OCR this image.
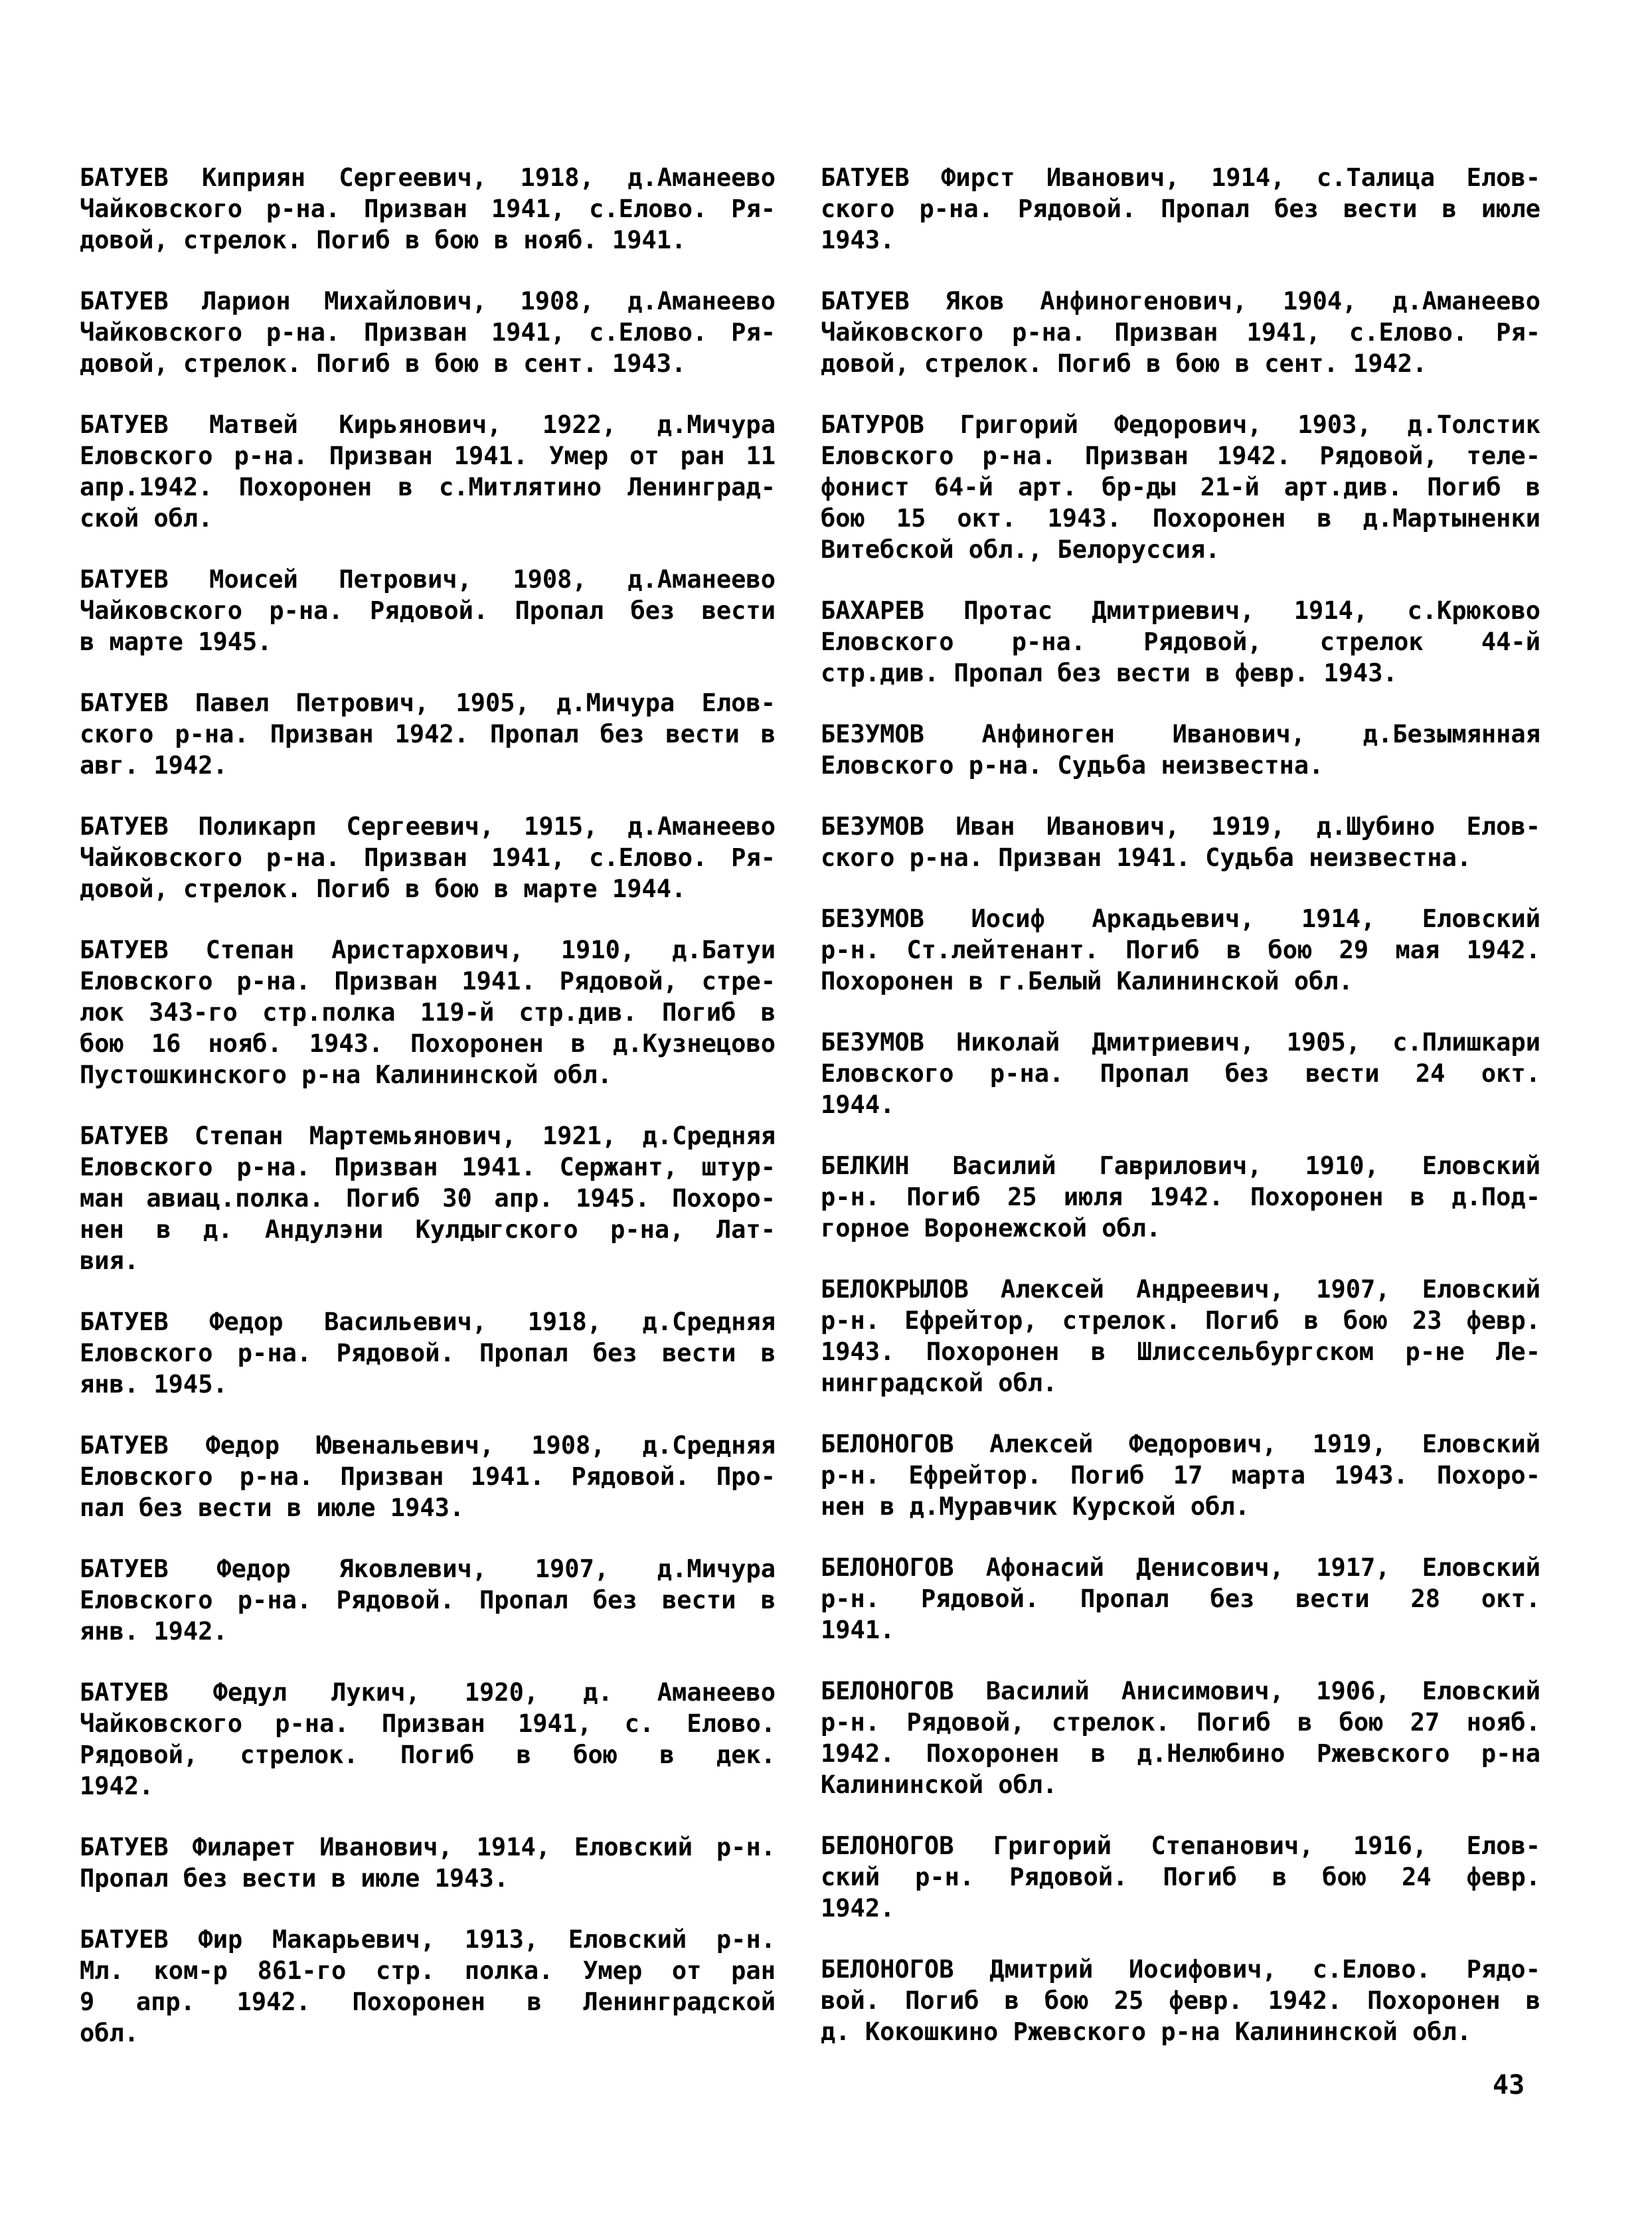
БАТУЕВ Киприян Сергеевич, 1918, д.Аманеево
Чайковского р-на. Призван 1941, с.Елово. Ря-
довой, стрелок. Погиб в бою в нояб. 1941.
БАТУЕВ Ларион Михайлович, 1908, д.Аманеево
Чайковского р-на. Призван 1941, с.Елово. Ря-
довой, стрелок. Погиб в бою в сент. 1943.
БАТУЕВ Матвей Кирьянович, 1922, д.Мичура
Еловского р-на. Призван 1941. Умер от ран 11
апр.1942. Похоронен в с.Митлятино Ленинград-
ской обл.
БАТУЕВ Моисей Петрович, 1908, д.Аманеево
Чайковского р-на. Рядовой. Пропал без вести
в марте 1945.
БАТУЕВ Павел Петрович, 1905, д.Мичура Елов-
ского р-на. Призван 1942. Пропал без вести в
авг. 1942.
БАТУЕВ Поликарп Сергеевич, 1915, д.Аманеево
Чайковского р-на. Призван 1941, с.Елово. Ря-
довой, стрелок. Погиб в бою в марте 1944.
БАТУЕВ Степан Аристархович, 1910, д.Батуи
Еловского р-на. Призван 1941. Рядовой, стре-
лок 343-го стр.полка 119-й стр.див. Погиб в
бою 16 нояб. 1943. Похоронен в д.Кузнецово
Пустошкинского р-на Калининской обл.
БАТУЕВ Степан Мартемьянович, 1921, д.Средняя
Еловского р-на. Призван 1941. Сержант, штур-
ман авиац.полка. Погиб 30 апр. 1945. Похоро-
нен в д. Андулэни Кулдыгского р-на, Лат-
вия.
БАТУЕВ Федор Васильевич, 1918, д.Средняя
Еловского р-на. Рядовой. Пропал без вести в
янв. 1945.
БАТУЕВ Федор Ювенальевич, 1908, д.Средняя
Еловского р-на. Призван 1941. Рядовой. Про-
пал без вести в июле 1943.
БАТУЕВ Федор Яковлевич, 1907, д.Мичура
Еловского р-на. Рядовой. Пропал без вести в
янв. 1942.
БАТУЕВ Федул Лукич, 1920, д. Аманеево
Чайковского р-на. Призван 1941, с. Елово.
Рядовой, стрелок. Погиб в бою в дек.
1942.
БАТУЕВ Филарет Иванович, 1914, Еловский р-н.
Пропал без вести в июле 1943.
БАТУЕВ Фир Макарьевич, 1913, Еловский р-н.
Мл. ком-р 861-го стр. полка. Умер от ран
9 апр. 1942. Похоронен в Ленинградской
обл.
БАТУЕВ Фирст Иванович, 1914, с.Талица Елов-
ского р-на. Рядовой. Пропал без вести в июле
1943.
БАТУЕВ Яков Анфиногенович, 1904, д.Аманеево
Чайковского р-на. Призван 1941, с.Елово. Ря-
довой, стрелок. Погиб в бою в сент. 1942.
БАТУРОВ Григорий Федорович, 1903, д.Толстик
Еловского р-на. Призван 1942. Рядовой, теле-
фонист 64-й арт. бр-ды 21-й арт.див. Погиб в
бою 15 окт. 1943. Похоронен в д.Мартыненки
Витебской обл., Белоруссия.
БАХАРЕВ Протас Дмитриевич, 1914, с.Крюково
Еловского р-на. Рядовой, стрелок 44-й
стр.див. Пропал без вести в февр. 1943.
БЕЗУМОВ Анфиноген Иванович, д.Безымянная
Еловского р-на. Судьба неизвестна.
БЕЗУМОВ Иван Иванович, 1919, д.Шубино Елов-
ского р-на. Призван 1941. Судьба неизвестна.
БЕЗУМОВ Иосиф Аркадьевич, 1914, Еловский
р-н. Ст.лейтенант. Погиб в бою 29 мая 1942.
Похоронен в г.Белый Калининской обл.
БЕЗУМОВ Николай Дмитриевич, 1905, с.Плишкари
Еловского р-на. Пропал без вести 24 окт.
1944.
БЕЛКИН Василий Гаврилович, 1910, Еловский
р-н. Погиб 25 июля 1942. Похоронен в д.Под-
горное Воронежской обл.
БЕЛОКРЫЛОВ Алексей Андреевич, 1907, Еловский
р-н. Ефрейтор, стрелок. Погиб в бою 23 февр.
1943. Похоронен в Шлиссельбургском р-не Ле-
нинградской обл.
БЕЛОНОГОВ Алексей Федорович, 1919, Еловский
р-н. Ефрейтор. Погиб 17 марта 1943. Похоро-
нен в д.Муравчик Курской обл.
БЕЛОНОГОВ Афонасий Денисович, 1917, Еловский
р-н. Рядовой. Пропал без вести 28 окт.
1941.
БЕЛОНОГОВ Василий Анисимович, 1906, Еловский
р-н. Рядовой, стрелок. Погиб в бою 27 нояб.
1942. Похоронен в д.Нелюбино Ржевского р-на
Калининской обл.
БЕЛОНОГОВ Григорий Степанович, 1916, Елов-
ский р-н. Рядовой. Погиб в бою 24 февр.
1942.
БЕЛОНОГОВ Дмитрий Иосифович, с.Елово. Рядо-
вой. Погиб в бою 25 февр. 1942. Похоронен в
д. Кокошкино Ржевского р-на Калининской обл.
43
